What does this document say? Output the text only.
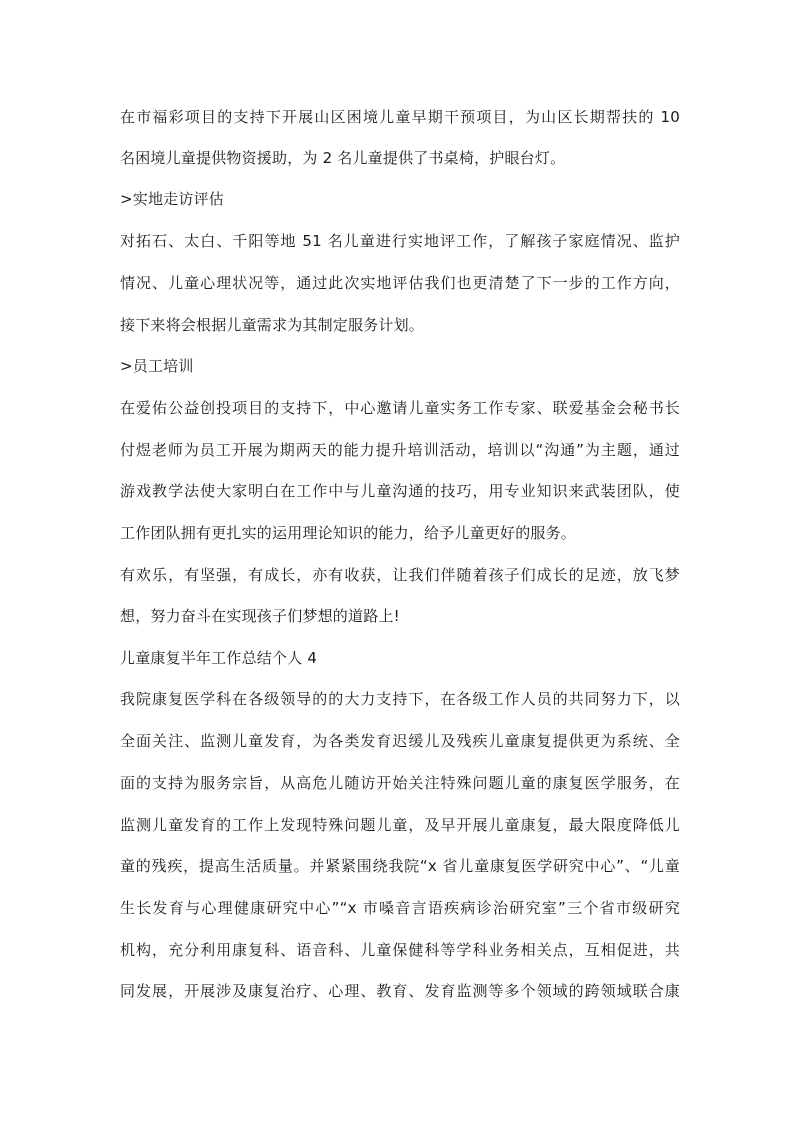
在市福彩项目的支持下开展山区困境儿童早期干预项目，为山区长期帮扶的 10
名困境儿童提供物资援助，为 2 名儿童提供了书桌椅，护眼台灯。
>实地走访评估
对拓石、太白、千阳等地 51 名儿童进行实地评工作，了解孩子家庭情况、监护
情况、儿童心理状况等，通过此次实地评估我们也更清楚了下一步的工作方向，
接下来将会根据儿童需求为其制定服务计划。
>员工培训
在爱佑公益创投项目的支持下，中心邀请儿童实务工作专家、联爱基金会秘书长
付煜老师为员工开展为期两天的能力提升培训活动，培训以“沟通”为主题，通过
游戏教学法使大家明白在工作中与儿童沟通的技巧，用专业知识来武装团队，使
工作团队拥有更扎实的运用理论知识的能力，给予儿童更好的服务。
有欢乐，有坚强，有成长，亦有收获，让我们伴随着孩子们成长的足迹，放飞梦
想，努力奋斗在实现孩子们梦想的道路上!
儿童康复半年工作总结个人 4
我院康复医学科在各级领导的的大力支持下，在各级工作人员的共同努力下，以
全面关注、监测儿童发育，为各类发育迟缓儿及残疾儿童康复提供更为系统、全
面的支持为服务宗旨，从高危儿随访开始关注特殊问题儿童的康复医学服务，在
监测儿童发育的工作上发现特殊问题儿童，及早开展儿童康复，最大限度降低儿
童的残疾，提高生活质量。并紧紧围绕我院“x 省儿童康复医学研究中心”、“儿童
生长发育与心理健康研究中心”“x 市嗓音言语疾病诊治研究室”三个省市级研究
机构，充分利用康复科、语音科、儿童保健科等学科业务相关点，互相促进，共
同发展，开展涉及康复治疗、心理、教育、发育监测等多个领域的跨领域联合康
